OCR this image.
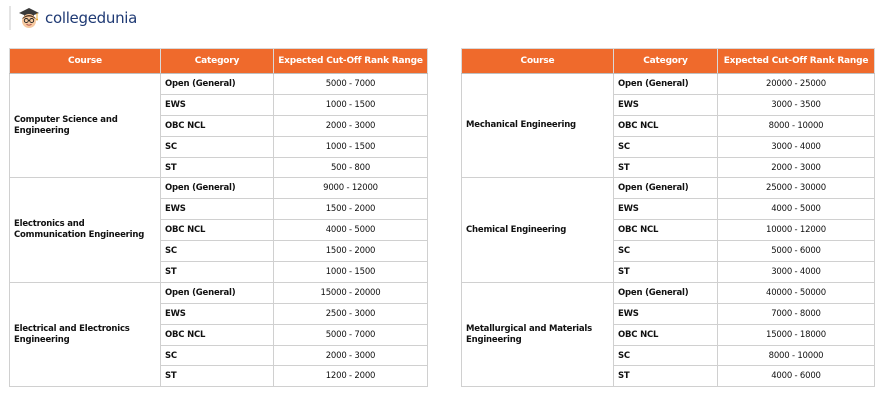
collegedunia
Course	Category	Expected Cut-Off Rank Range
Computer Science and Engineering	Open (General)	5000 - 7000
	EWS	1000 - 1500
	OBC NCL	2000 - 3000
	SC	1000 - 1500
	ST	500 - 800
Electronics and Communication Engineering	Open (General)	9000 - 12000
	EWS	1500 - 2000
	OBC NCL	4000 - 5000
	SC	1500 - 2000
	ST	1000 - 1500
Electrical and Electronics Engineering	Open (General)	15000 - 20000
	EWS	2500 - 3000
	OBC NCL	5000 - 7000
	SC	2000 - 3000
	ST	1200 - 2000
Course	Category	Expected Cut-Off Rank Range
Mechanical Engineering	Open (General)	20000 - 25000
	EWS	3000 - 3500
	OBC NCL	8000 - 10000
	SC	3000 - 4000
	ST	2000 - 3000
Chemical Engineering	Open (General)	25000 - 30000
	EWS	4000 - 5000
	OBC NCL	10000 - 12000
	SC	5000 - 6000
	ST	3000 - 4000
Metallurgical and Materials Engineering	Open (General)	40000 - 50000
	EWS	7000 - 8000
	OBC NCL	15000 - 18000
	SC	8000 - 10000
	ST	4000 - 6000
